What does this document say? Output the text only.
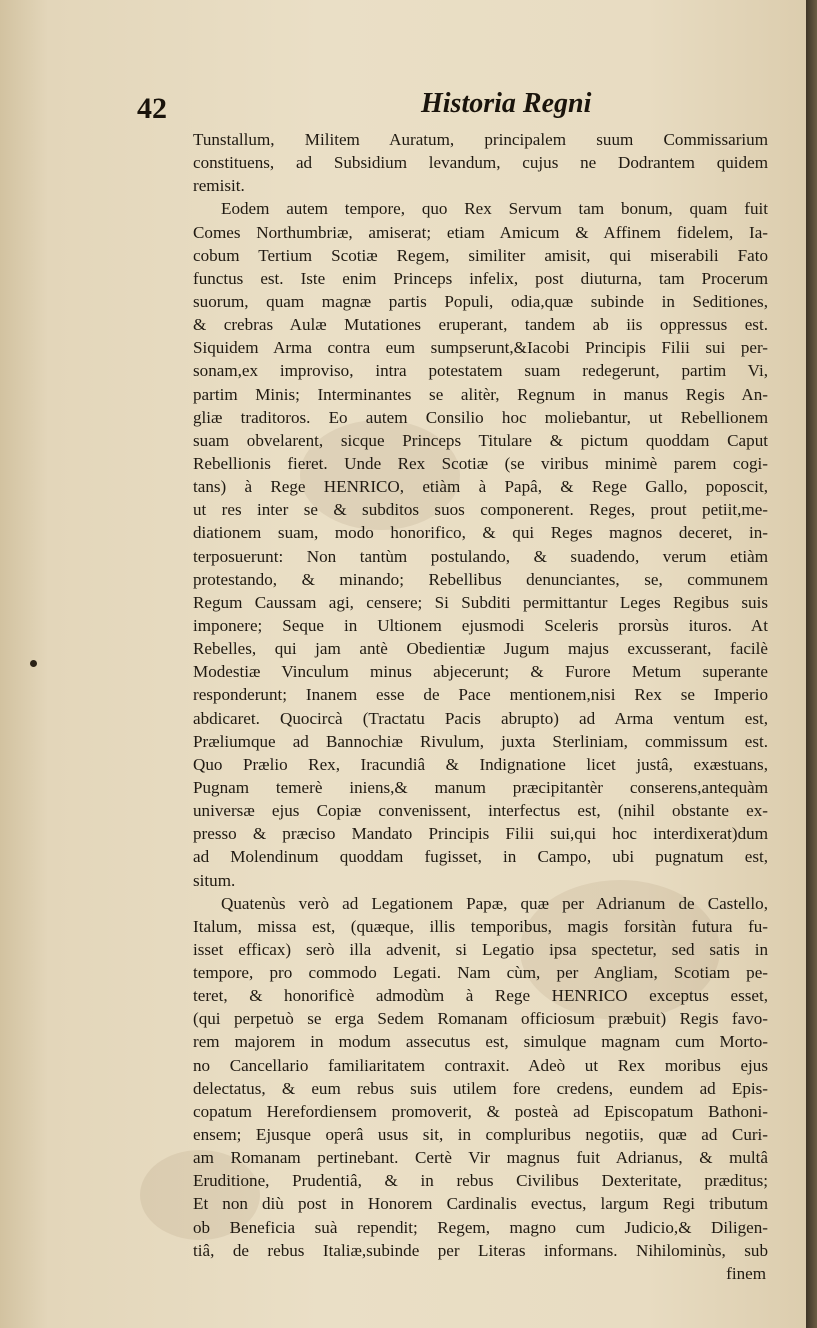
42	Historia Regni
Tunstallum, Militem Auratum, principalem suum Commissarium
constituens, ad Subsidium levandum, cujus ne Dodrantem quidem
remisit.
Eodem autem tempore, quo Rex Servum tam bonum, quam fuit
Comes Northumbriæ, amiserat; etiam Amicum & Affinem fidelem, Ia-
cobum Tertium Scotiæ Regem, similiter amisit, qui miserabili Fato
functus est. Iste enim Princeps infelix, post diuturna, tam Procerum
suorum, quam magnæ partis Populi, odia,quæ subinde in Seditiones,
& crebras Aulæ Mutationes eruperant, tandem ab iis oppressus est.
Siquidem Arma contra eum sumpserunt,&Iacobi Principis Filii sui per-
sonam,ex improviso, intra potestatem suam redegerunt, partim Vi,
partim Minis; Interminantes se alitèr, Regnum in manus Regis An-
gliæ traditoros. Eo autem Consilio hoc moliebantur, ut Rebellionem
suam obvelarent, sicque Princeps Titulare & pictum quoddam Caput
Rebellionis fieret. Unde Rex Scotiæ (se viribus minimè parem cogi-
tans) à Rege HENRICO, etiàm à Papâ, & Rege Gallo, poposcit,
ut res inter se & subditos suos componerent. Reges, prout petiit,me-
diationem suam, modo honorifico, & qui Reges magnos deceret, in-
terposuerunt: Non tantùm postulando, & suadendo, verum etiàm
protestando, & minando; Rebellibus denunciantes, se, communem
Regum Caussam agi, censere; Si Subditi permittantur Leges Regibus suis
imponere; Seque in Ultionem ejusmodi Sceleris prorsùs ituros. At
Rebelles, qui jam antè Obedientiæ Jugum majus excusserant, facilè
Modestiæ Vinculum minus abjecerunt; & Furore Metum superante
responderunt; Inanem esse de Pace mentionem,nisi Rex se Imperio
abdicaret. Quocircà (Tractatu Pacis abrupto) ad Arma ventum est,
Præliumque ad Bannochiæ Rivulum, juxta Sterliniam, commissum est.
Quo Prælio Rex, Iracundiâ & Indignatione licet justâ, exæstuans,
Pugnam temerè iniens,& manum præcipitantèr conserens,antequàm
universæ ejus Copiæ convenissent, interfectus est, (nihil obstante ex-
presso & præciso Mandato Principis Filii sui,qui hoc interdixerat)dum
ad Molendinum quoddam fugisset, in Campo, ubi pugnatum est,
situm.
Quatenùs verò ad Legationem Papæ, quæ per Adrianum de Castello,
Italum, missa est, (quæque, illis temporibus, magis forsitàn futura fu-
isset efficax) serò illa advenit, si Legatio ipsa spectetur, sed satis in
tempore, pro commodo Legati. Nam cùm, per Angliam, Scotiam pe-
teret, & honorificè admodùm à Rege HENRICO exceptus esset,
(qui perpetuò se erga Sedem Romanam officiosum præbuit) Regis favo-
rem majorem in modum assecutus est, simulque magnam cum Morto-
no Cancellario familiaritatem contraxit. Adeò ut Rex moribus ejus
delectatus, & eum rebus suis utilem fore credens, eundem ad Epis-
copatum Herefordiensem promoverit, & posteà ad Episcopatum Bathoni-
ensem; Ejusque operâ usus sit, in compluribus negotiis, quæ ad Curi-
am Romanam pertinebant. Certè Vir magnus fuit Adrianus, & multâ
Eruditione, Prudentiâ, & in rebus Civilibus Dexteritate, præditus;
Et non diù post in Honorem Cardinalis evectus, largum Regi tributum
ob Beneficia suà rependit; Regem, magno cum Judicio,& Diligen-
tiâ, de rebus Italiæ,subinde per Literas informans. Nihilominùs, sub
finem
